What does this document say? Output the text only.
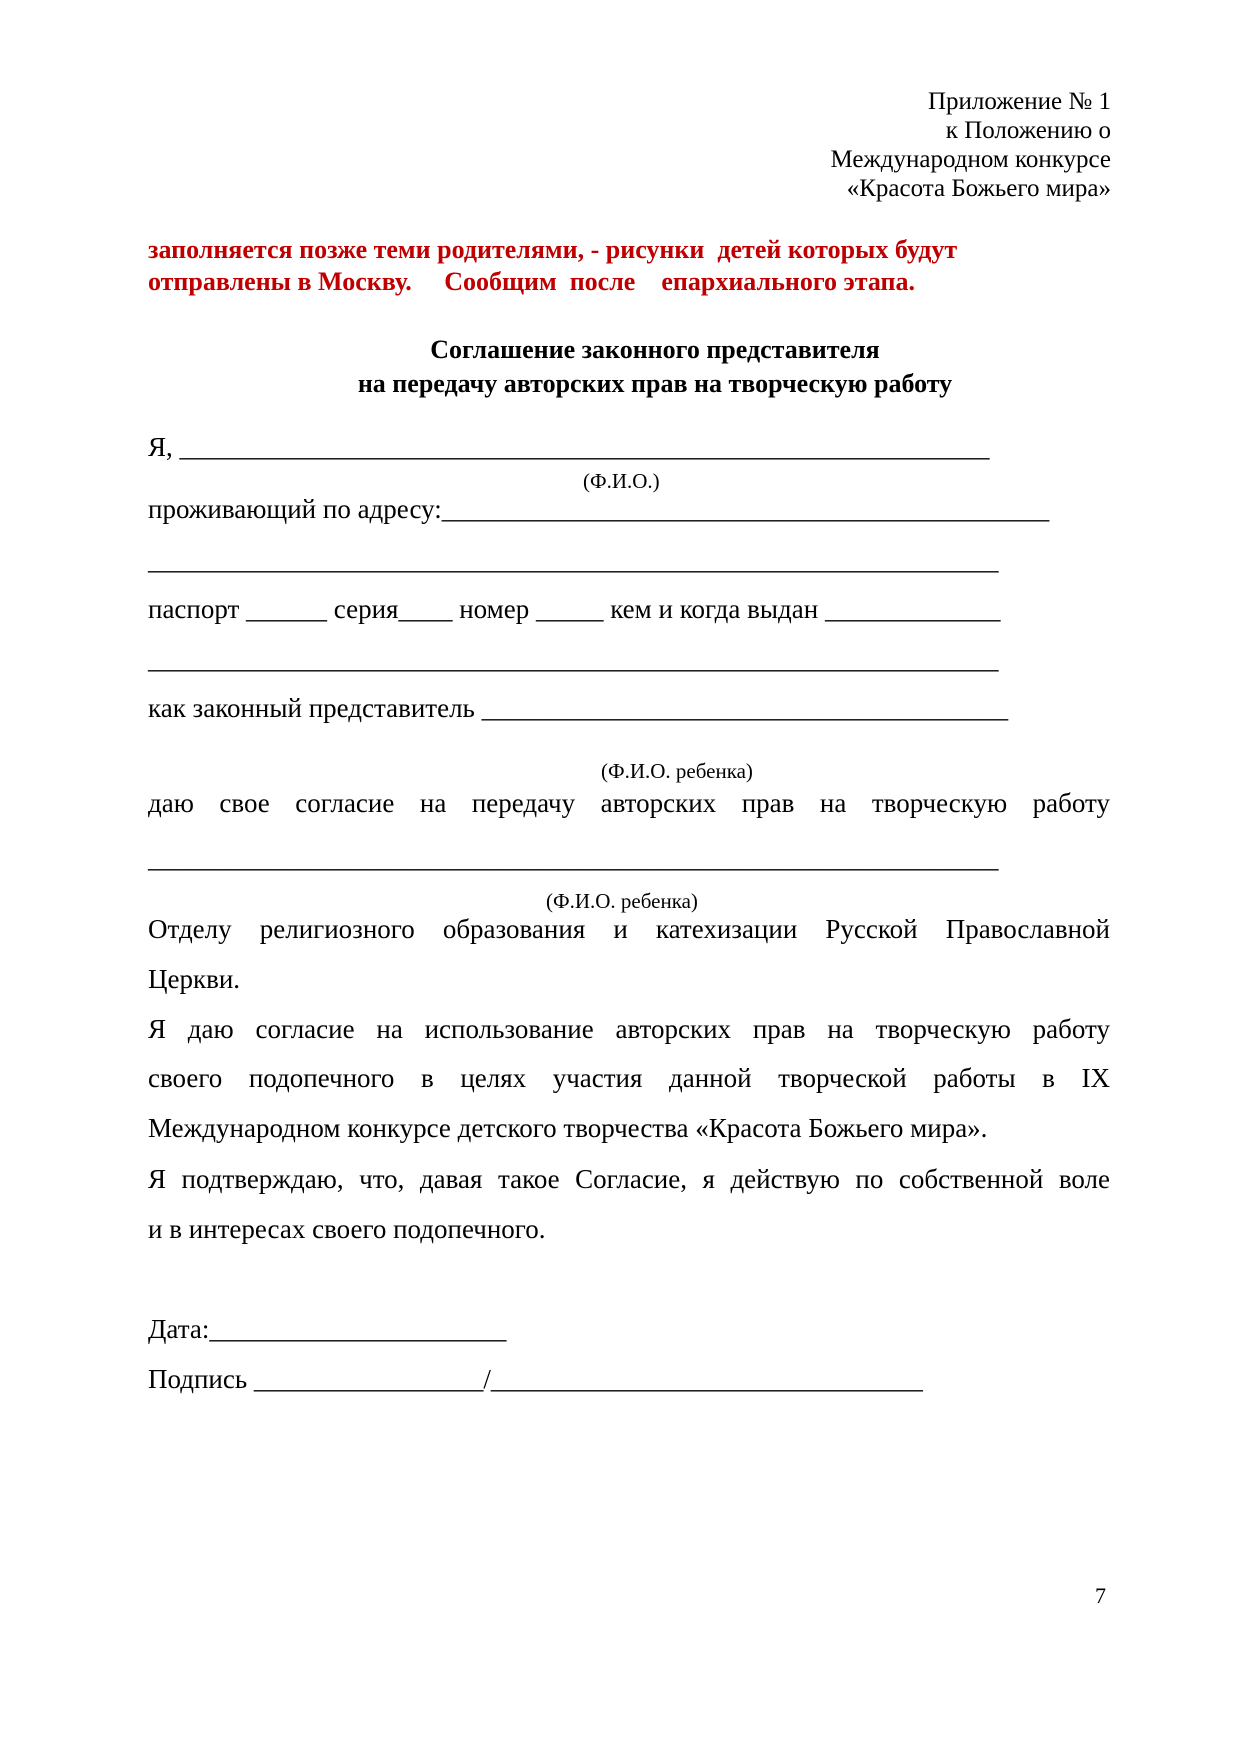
Приложение № 1
к Положению о
Международном конкурсе
«Красота Божьего мира»
заполняется позже теми родителями, - рисунки  детей которых будут
отправлены в Москву.     Сообщим  после    епархиального этапа.
Соглашение законного представителя
на передачу авторских прав на творческую работу
Я, ____________________________________________________________
(Ф.И.О.)
проживающий по адресу:_____________________________________________
_______________________________________________________________
паспорт ______ серия____ номер _____ кем и когда выдан _____________
_______________________________________________________________
как законный представитель _______________________________________
(Ф.И.О. ребенка)
даю свое согласие на передачу авторских прав на творческую работу
_______________________________________________________________
(Ф.И.О. ребенка)
Отделу религиозного образования и катехизации Русской Православной
Церкви.
Я даю согласие на использование авторских прав на творческую работу
своего подопечного в целях участия данной творческой работы в IX
Международном конкурсе детского творчества «Красота Божьего мира».
Я подтверждаю, что, давая такое Согласие, я действую по собственной воле
и в интересах своего подопечного.
Дата:______________________
Подпись _________________/________________________________
7
